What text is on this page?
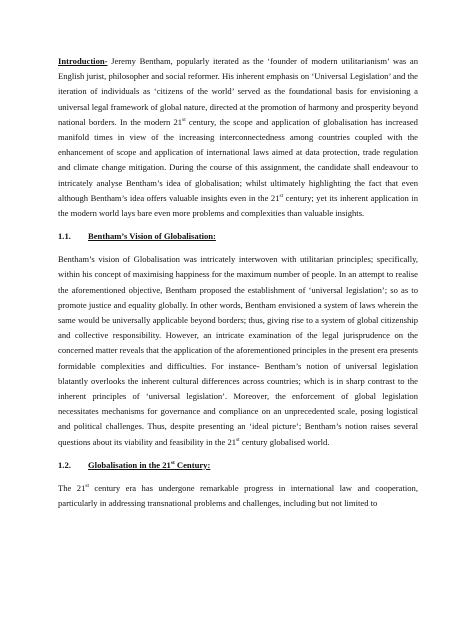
Introduction- Jeremy Bentham, popularly iterated as the ‘founder of modern utilitarianism’ was an English jurist, philosopher and social reformer. His inherent emphasis on ‘Universal Legislation’ and the iteration of individuals as ‘citizens of the world’ served as the foundational basis for envisioning a universal legal framework of global nature, directed at the promotion of harmony and prosperity beyond national borders. In the modern 21st century, the scope and application of globalisation has increased manifold times in view of the increasing interconnectedness among countries coupled with the enhancement of scope and application of international laws aimed at data protection, trade regulation and climate change mitigation. During the course of this assignment, the candidate shall endeavour to intricately analyse Bentham’s idea of globalisation; whilst ultimately highlighting the fact that even although Bentham’s idea offers valuable insights even in the 21st century; yet its inherent application in the modern world lays bare even more problems and complexities than valuable insights.

1.1.	Bentham’s Vision of Globalisation:

Bentham’s vision of Globalisation was intricately interwoven with utilitarian principles; specifically, within his concept of maximising happiness for the maximum number of people. In an attempt to realise the aforementioned objective, Bentham proposed the establishment of ‘universal legislation’; so as to promote justice and equality globally. In other words, Bentham envisioned a system of laws wherein the same would be universally applicable beyond borders; thus, giving rise to a system of global citizenship and collective responsibility. However, an intricate examination of the legal jurisprudence on the concerned matter reveals that the application of the aforementioned principles in the present era presents formidable complexities and difficulties. For instance- Bentham’s notion of universal legislation blatantly overlooks the inherent cultural differences across countries; which is in sharp contrast to the inherent principles of ‘universal legislation’. Moreover, the enforcement of global legislation necessitates mechanisms for governance and compliance on an unprecedented scale, posing logistical and political challenges. Thus, despite presenting an ‘ideal picture’; Bentham’s notion raises several questions about its viability and feasibility in the 21st century globalised world.

1.2.	Globalisation in the 21st Century:

The 21st century era has undergone remarkable progress in international law and cooperation, particularly in addressing transnational problems and challenges, including but not limited to
